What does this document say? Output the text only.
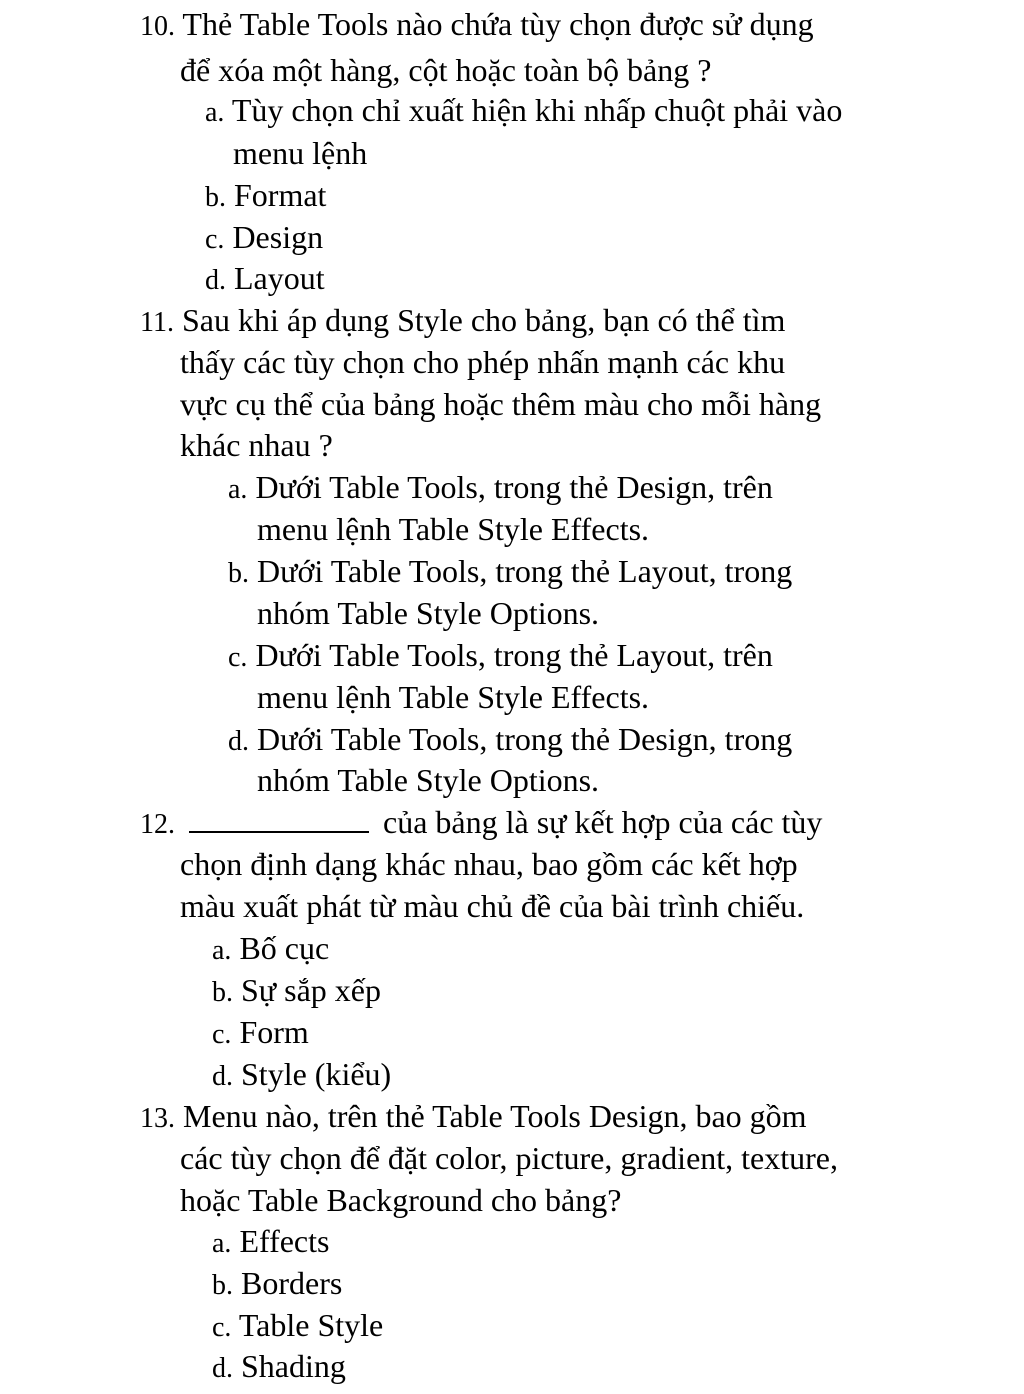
10. Thẻ Table Tools nào chứa tùy chọn được sử dụng
để xóa một hàng, cột hoặc toàn bộ bảng ?
a. Tùy chọn chỉ xuất hiện khi nhấp chuột phải vào
menu lệnh
b. Format
c. Design
d. Layout
11. Sau khi áp dụng Style cho bảng, bạn có thể tìm
thấy các tùy chọn cho phép nhấn mạnh các khu
vực cụ thể của bảng hoặc thêm màu cho mỗi hàng
khác nhau ?
a. Dưới Table Tools, trong thẻ Design, trên
menu lệnh Table Style Effects.
b. Dưới Table Tools, trong thẻ Layout, trong
nhóm Table Style Options.
c. Dưới Table Tools, trong thẻ Layout, trên
menu lệnh Table Style Effects.
d. Dưới Table Tools, trong thẻ Design, trong
nhóm Table Style Options.
12.	của bảng là sự kết hợp của các tùy
chọn định dạng khác nhau, bao gồm các kết hợp
màu xuất phát từ màu chủ đề của bài trình chiếu.
a. Bố cục
b. Sự sắp xếp
c. Form
d. Style (kiểu)
13. Menu nào, trên thẻ Table Tools Design, bao gồm
các tùy chọn để đặt color, picture, gradient, texture,
hoặc Table Background cho bảng?
a. Effects
b. Borders
c. Table Style
d. Shading
